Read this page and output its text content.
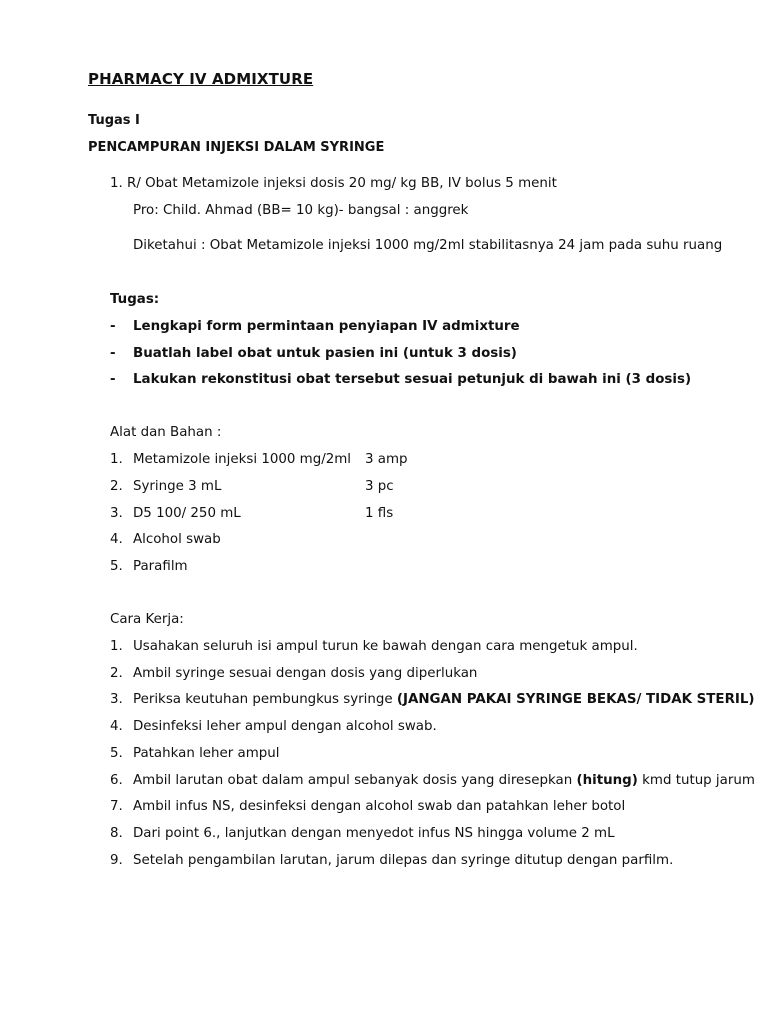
PHARMACY IV ADMIXTURE
Tugas I
PENCAMPURAN INJEKSI DALAM SYRINGE
1. R/ Obat Metamizole injeksi dosis 20 mg/ kg BB, IV bolus 5 menit
Pro: Child. Ahmad (BB= 10 kg)- bangsal : anggrek
Diketahui : Obat Metamizole injeksi 1000 mg/2ml stabilitasnya 24 jam pada suhu ruang
Tugas:
- Lengkapi form permintaan penyiapan IV admixture
- Buatlah label obat untuk pasien ini (untuk 3 dosis)
- Lakukan rekonstitusi obat tersebut sesuai petunjuk di bawah ini (3 dosis)
Alat dan Bahan :
1. Metamizole injeksi 1000 mg/2ml 3 amp
2. Syringe 3 mL	3 pc
3. D5 100/ 250 mL	1 fls
4. Alcohol swab
5. Parafilm
Cara Kerja:
1. Usahakan seluruh isi ampul turun ke bawah dengan cara mengetuk ampul.
2. Ambil syringe sesuai dengan dosis yang diperlukan
3. Periksa keutuhan pembungkus syringe (JANGAN PAKAI SYRINGE BEKAS/ TIDAK STERIL)
4. Desinfeksi leher ampul dengan alcohol swab.
5. Patahkan leher ampul
6. Ambil larutan obat dalam ampul sebanyak dosis yang diresepkan (hitung) kmd tutup jarum
7. Ambil infus NS, desinfeksi dengan alcohol swab dan patahkan leher botol
8. Dari point 6., lanjutkan dengan menyedot infus NS hingga volume 2 mL
9. Setelah pengambilan larutan, jarum dilepas dan syringe ditutup dengan parfilm.
